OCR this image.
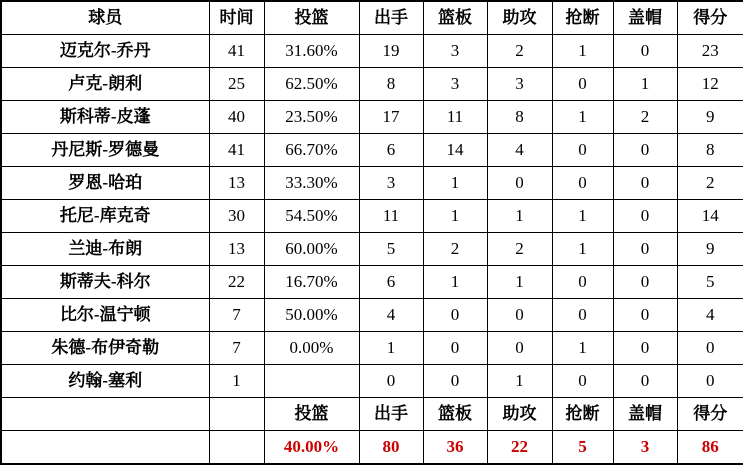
球员	时间	投篮	出手	篮板	助攻	抢断	盖帽	得分
迈克尔-乔丹	41	31.60%	19	3	2	1	0	23
卢克-朗利	25	62.50%	8	3	3	0	1	12
斯科蒂-皮蓬	40	23.50%	17	11	8	1	2	9
丹尼斯-罗德曼	41	66.70%	6	14	4	0	0	8
罗恩-哈珀	13	33.30%	3	1	0	0	0	2
托尼-库克奇	30	54.50%	11	1	1	1	0	14
兰迪-布朗	13	60.00%	5	2	2	1	0	9
斯蒂夫-科尔	22	16.70%	6	1	1	0	0	5
比尔-温宁顿	7	50.00%	4	0	0	0	0	4
朱德-布伊奇勒	7	0.00%	1	0	0	1	0	0
约翰-塞利	1		0	0	1	0	0	0
		投篮	出手	篮板	助攻	抢断	盖帽	得分
		40.00%	80	36	22	5	3	86
